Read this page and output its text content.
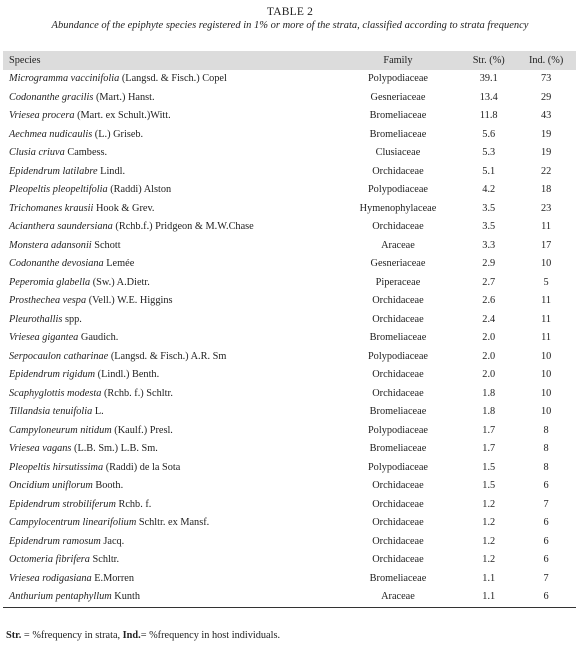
TABLE 2
Abundance of the epiphyte species registered in 1% or more of the strata, classified according to strata frequency
Species	Family	Str. (%)	Ind. (%)
Microgramma vaccinifolia (Langsd. & Fisch.) Copel	Polypodiaceae	39.1	73
Codonanthe gracilis (Mart.) Hanst.	Gesneriaceae	13.4	29
Vriesea procera (Mart. ex Schult.)Witt.	Bromeliaceae	11.8	43
Aechmea nudicaulis (L.) Griseb.	Bromeliaceae	5.6	19
Clusia criuva Cambess.	Clusiaceae	5.3	19
Epidendrum latilabre Lindl.	Orchidaceae	5.1	22
Pleopeltis pleopeltifolia (Raddi) Alston	Polypodiaceae	4.2	18
Trichomanes krausii Hook & Grev.	Hymenophylaceae	3.5	23
Acianthera saundersiana (Rchb.f.) Pridgeon & M.W.Chase	Orchidaceae	3.5	11
Monstera adansonii Schott	Araceae	3.3	17
Codonanthe devosiana Lemée	Gesneriaceae	2.9	10
Peperomia glabella (Sw.) A.Dietr.	Piperaceae	2.7	5
Prosthechea vespa (Vell.) W.E. Higgins	Orchidaceae	2.6	11
Pleurothallis spp.	Orchidaceae	2.4	11
Vriesea gigantea Gaudich.	Bromeliaceae	2.0	11
Serpocaulon catharinae (Langsd. & Fisch.) A.R. Sm	Polypodiaceae	2.0	10
Epidendrum rigidum (Lindl.) Benth.	Orchidaceae	2.0	10
Scaphyglottis modesta (Rchb. f.) Schltr.	Orchidaceae	1.8	10
Tillandsia tenuifolia L.	Bromeliaceae	1.8	10
Campyloneurum nitidum (Kaulf.) Presl.	Polypodiaceae	1.7	8
Vriesea vagans (L.B. Sm.) L.B. Sm.	Bromeliaceae	1.7	8
Pleopeltis hirsutissima (Raddi) de la Sota	Polypodiaceae	1.5	8
Oncidium uniflorum Booth.	Orchidaceae	1.5	6
Epidendrum strobiliferum Rchb. f.	Orchidaceae	1.2	7
Campylocentrum linearifolium Schltr. ex Mansf.	Orchidaceae	1.2	6
Epidendrum ramosum Jacq.	Orchidaceae	1.2	6
Octomeria fibrifera Schltr.	Orchidaceae	1.2	6
Vriesea rodigasiana E.Morren	Bromeliaceae	1.1	7
Anthurium pentaphyllum Kunth	Araceae	1.1	6
Str. = %frequency in strata, Ind.= %frequency in host individuals.
